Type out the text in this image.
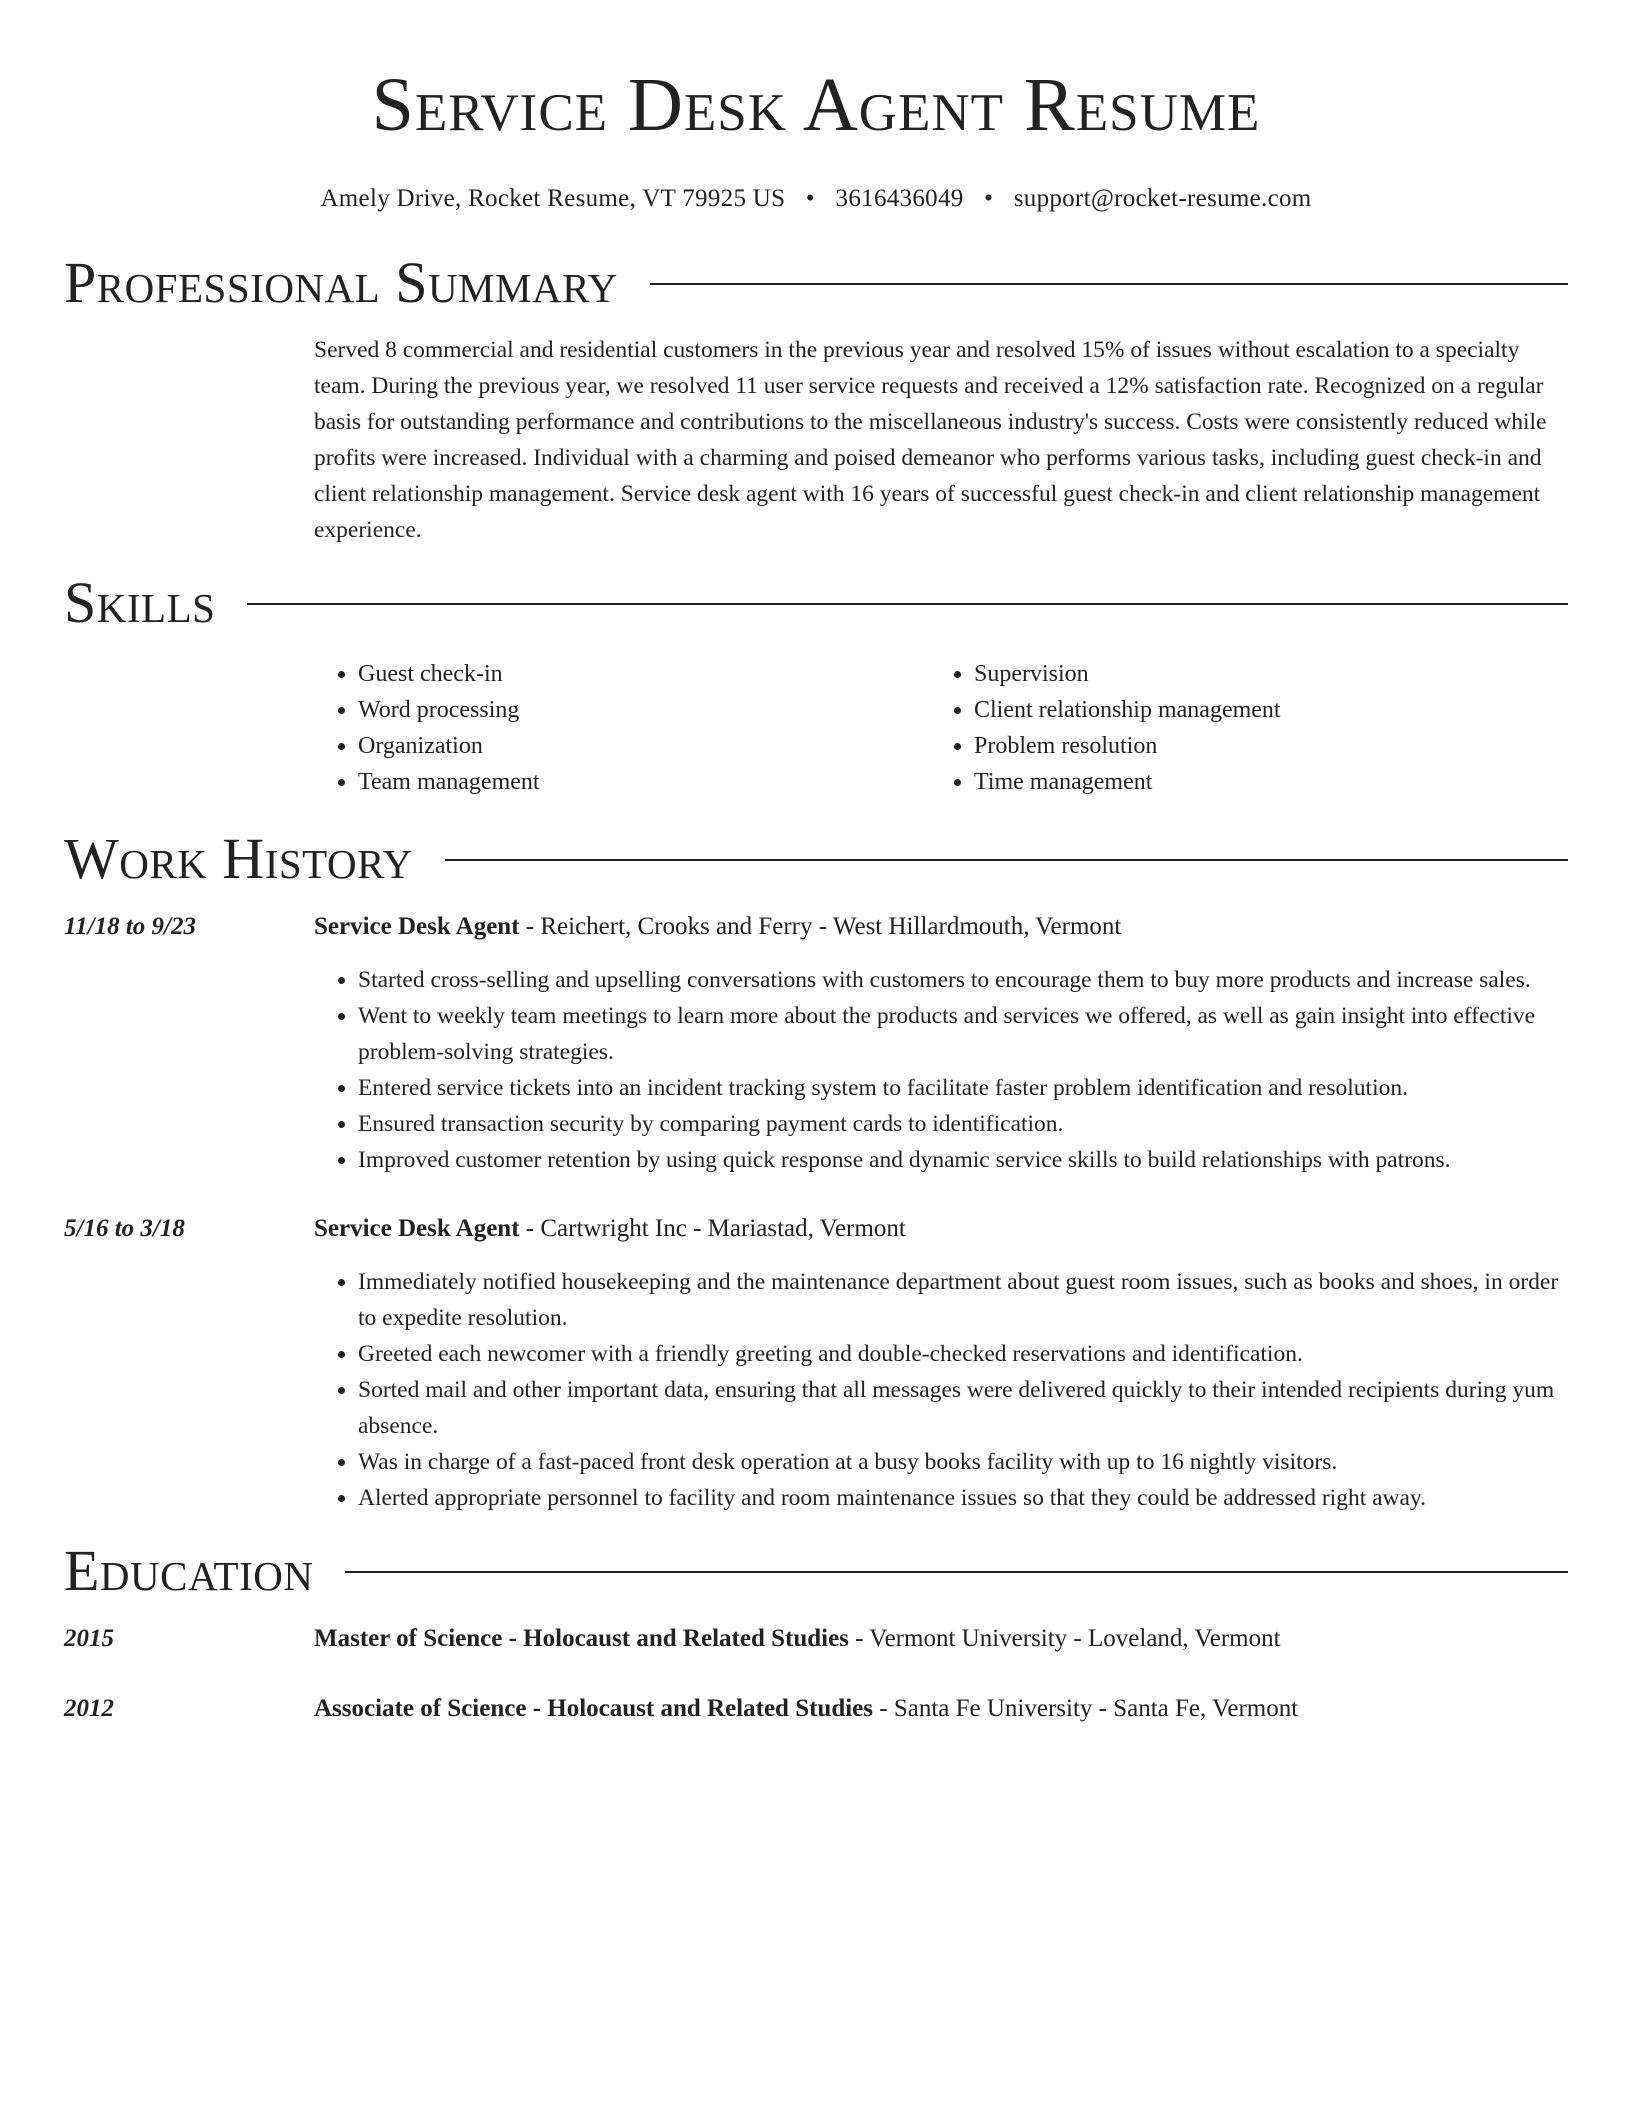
Service Desk Agent Resume
Amely Drive, Rocket Resume, VT 79925 US • 3616436049 • support@rocket-resume.com
Professional Summary
Served 8 commercial and residential customers in the previous year and resolved 15% of issues without escalation to a specialty team. During the previous year, we resolved 11 user service requests and received a 12% satisfaction rate. Recognized on a regular basis for outstanding performance and contributions to the miscellaneous industry's success. Costs were consistently reduced while profits were increased. Individual with a charming and poised demeanor who performs various tasks, including guest check-in and client relationship management. Service desk agent with 16 years of successful guest check-in and client relationship management experience.
Skills
• Guest check-in
• Word processing
• Organization
• Team management
• Supervision
• Client relationship management
• Problem resolution
• Time management
Work History
11/18 to 9/23	Service Desk Agent - Reichert, Crooks and Ferry - West Hillardmouth, Vermont
• Started cross-selling and upselling conversations with customers to encourage them to buy more products and increase sales.
• Went to weekly team meetings to learn more about the products and services we offered, as well as gain insight into effective problem-solving strategies.
• Entered service tickets into an incident tracking system to facilitate faster problem identification and resolution.
• Ensured transaction security by comparing payment cards to identification.
• Improved customer retention by using quick response and dynamic service skills to build relationships with patrons.
5/16 to 3/18	Service Desk Agent - Cartwright Inc - Mariastad, Vermont
• Immediately notified housekeeping and the maintenance department about guest room issues, such as books and shoes, in order to expedite resolution.
• Greeted each newcomer with a friendly greeting and double-checked reservations and identification.
• Sorted mail and other important data, ensuring that all messages were delivered quickly to their intended recipients during yum absence.
• Was in charge of a fast-paced front desk operation at a busy books facility with up to 16 nightly visitors.
• Alerted appropriate personnel to facility and room maintenance issues so that they could be addressed right away.
Education
2015	Master of Science - Holocaust and Related Studies - Vermont University - Loveland, Vermont
2012	Associate of Science - Holocaust and Related Studies - Santa Fe University - Santa Fe, Vermont
